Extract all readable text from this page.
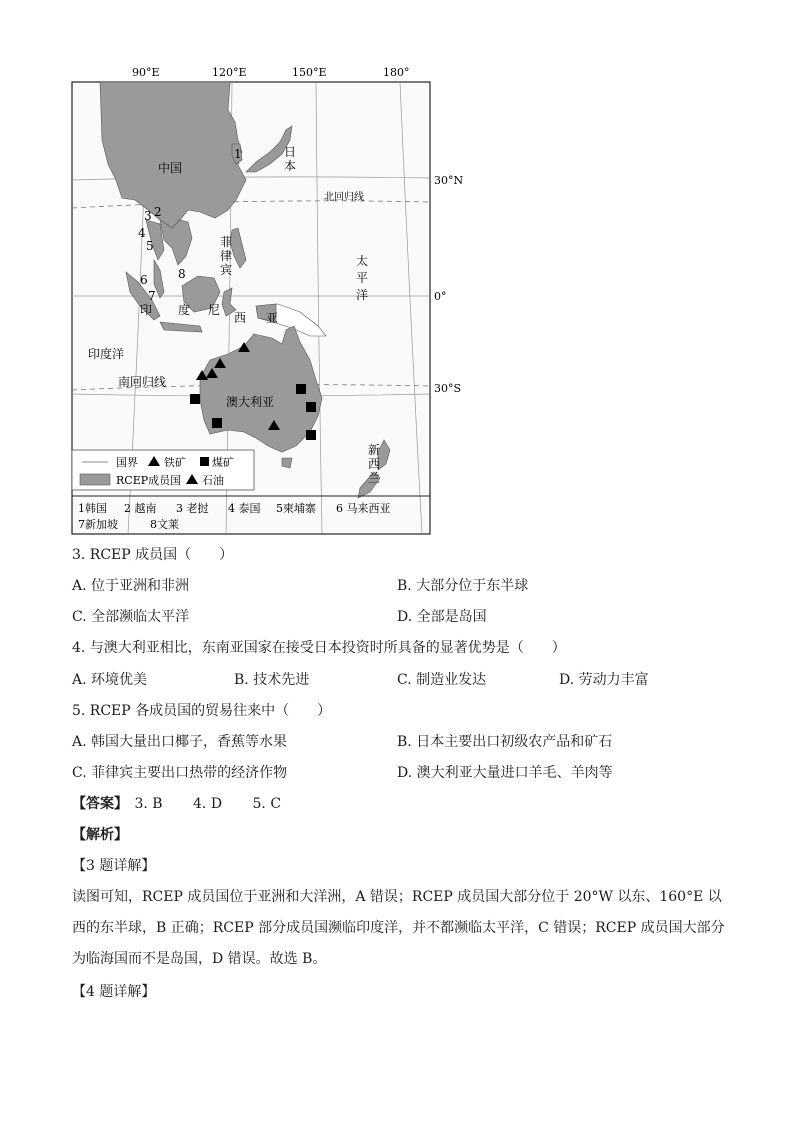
90°E	120°E	150°E	180°
30°N
0°
30°S
北回归线
南回归线
印度洋
太
平
洋
中国
日
本
菲
律
宾
印 度 尼
西 亚
澳大利亚
新
西
兰
1
2
3
4
5
6
7
8
国界 铁矿 煤矿
RCEP成员国 石油
1韩国 2 越南 3 老挝 4 泰国 5柬埔寨 6 马来西亚
7新加坡	8文莱
3. RCEP 成员国（　　）
A. 位于亚洲和非洲	B. 大部分位于东半球
C. 全部濒临太平洋	D. 全部是岛国
4. 与澳大利亚相比，东南亚国家在接受日本投资时所具备的显著优势是（　　）
A. 环境优美	B. 技术先进	C. 制造业发达	D. 劳动力丰富
5. RCEP 各成员国的贸易往来中（　　）
A. 韩国大量出口椰子，香蕉等水果	B. 日本主要出口初级农产品和矿石
C. 菲律宾主要出口热带的经济作物	D. 澳大利亚大量进口羊毛、羊肉等
【答案】 3. B 4. D 5. C
【解析】
【3 题详解】
读图可知，RCEP 成员国位于亚洲和大洋洲，A 错误；RCEP 成员国大部分位于 20°W 以东、160°E 以西的东半球，B 正确；RCEP 部分成员国濒临印度洋，并不都濒临太平洋，C 错误；RCEP 成员国大部分为临海国而不是岛国，D 错误。故选 B。
【4 题详解】
